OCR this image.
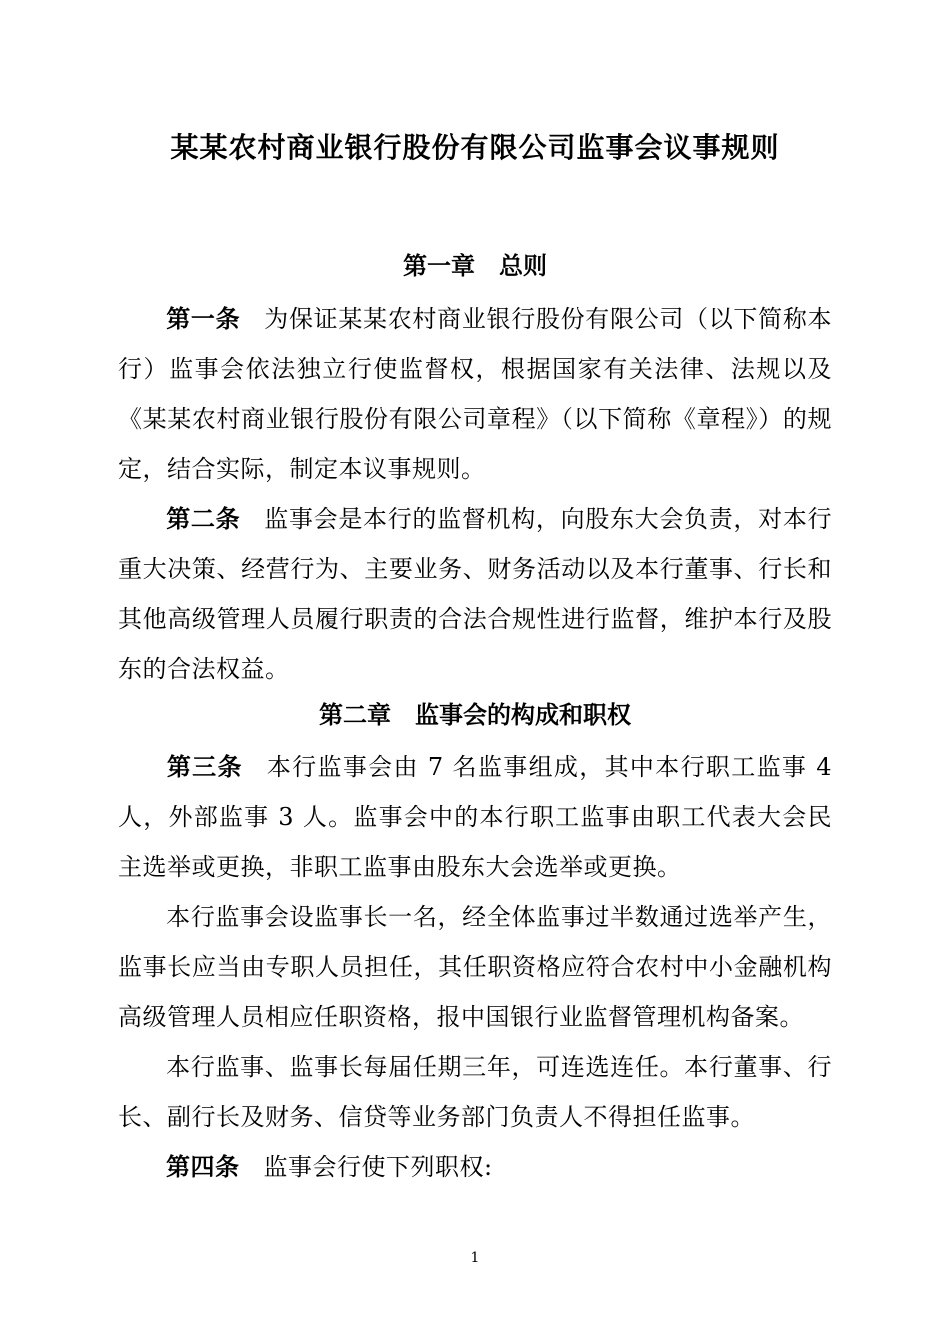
某某农村商业银行股份有限公司监事会议事规则
第一章　总则
第一条 为保证某某农村商业银行股份有限公司（以下简称本行）监事会依法独立行使监督权，根据国家有关法律、法规以及《某某农村商业银行股份有限公司章程》（以下简称《章程》）的规定，结合实际，制定本议事规则。
第二条 监事会是本行的监督机构，向股东大会负责，对本行重大决策、经营行为、主要业务、财务活动以及本行董事、行长和其他高级管理人员履行职责的合法合规性进行监督，维护本行及股东的合法权益。
第二章　监事会的构成和职权
第三条 本行监事会由 7 名监事组成，其中本行职工监事 4 人，外部监事 3 人。监事会中的本行职工监事由职工代表大会民主选举或更换，非职工监事由股东大会选举或更换。
本行监事会设监事长一名，经全体监事过半数通过选举产生，监事长应当由专职人员担任，其任职资格应符合农村中小金融机构高级管理人员相应任职资格，报中国银行业监督管理机构备案。
本行监事、监事长每届任期三年，可连选连任。本行董事、行长、副行长及财务、信贷等业务部门负责人不得担任监事。
第四条 监事会行使下列职权:
1
